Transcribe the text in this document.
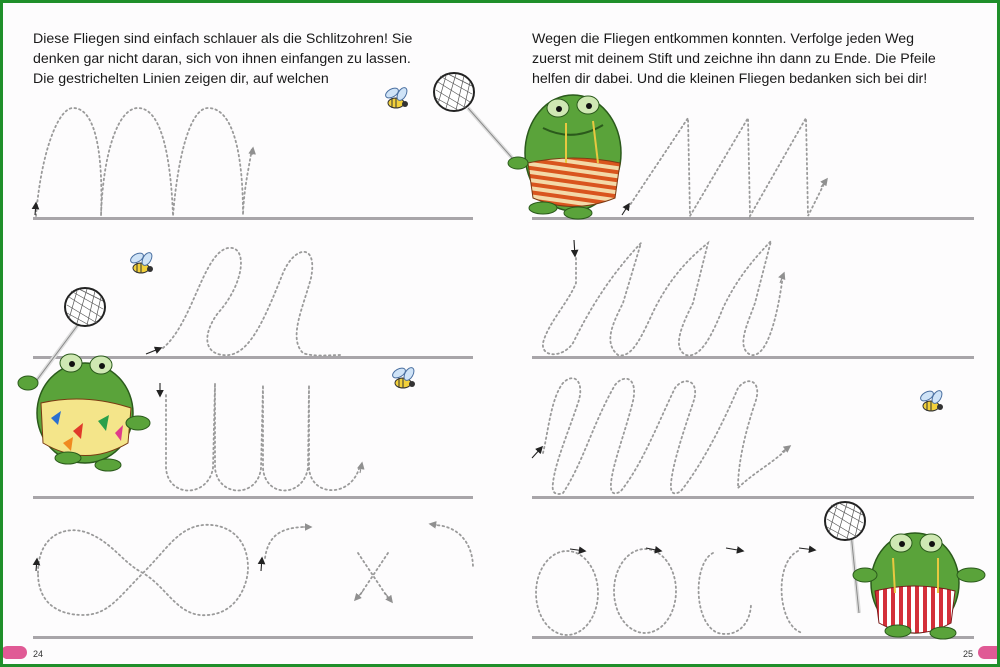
Diese Fliegen sind einfach schlauer als die Schlitzohren! Sie
denken gar nicht daran, sich von ihnen einfangen zu lassen.
Die gestrichelten Linien zeigen dir, auf welchen
Wegen die Fliegen entkommen konnten. Verfolge jeden Weg
zuerst mit deinem Stift und zeichne ihn dann zu Ende. Die Pfeile
helfen dir dabei. Und die kleinen Fliegen bedanken sich bei dir!
24	25
